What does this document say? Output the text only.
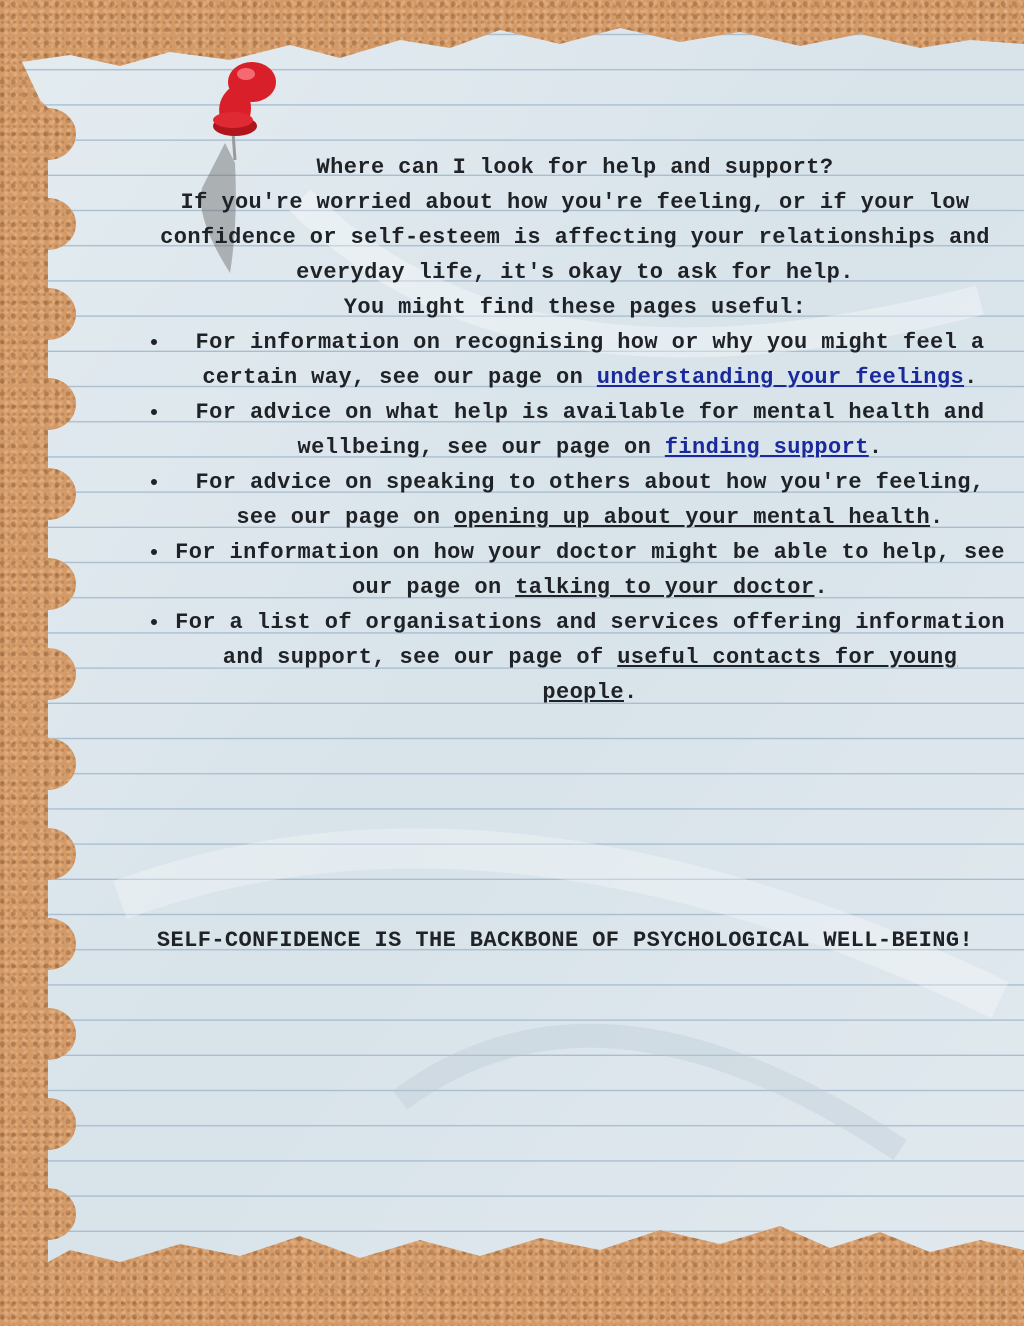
Where can I look for help and support?
If you're worried about how you're feeling, or if your low confidence or self-esteem is affecting your relationships and everyday life, it's okay to ask for help.
You might find these pages useful:
• For information on recognising how or why you might feel a certain way, see our page on understanding your feelings.
• For advice on what help is available for mental health and wellbeing, see our page on finding support.
• For advice on speaking to others about how you're feeling, see our page on opening up about your mental health.
• For information on how your doctor might be able to help, see our page on talking to your doctor.
• For a list of organisations and services offering information and support, see our page of useful contacts for young people.
SELF-CONFIDENCE IS THE BACKBONE OF PSYCHOLOGICAL WELL-BEING!
